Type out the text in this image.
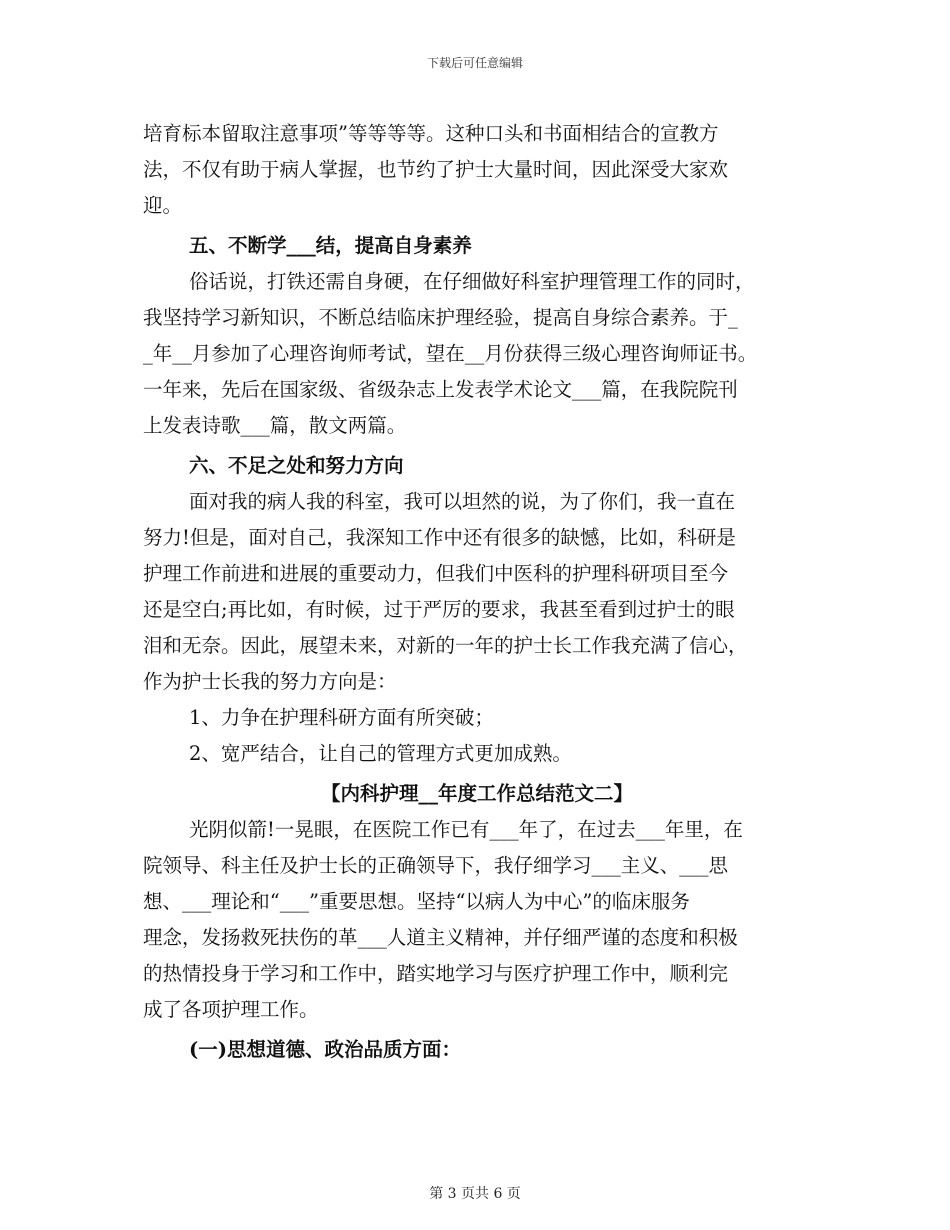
下载后可任意编辑
培育标本留取注意事项”等等等等。这种口头和书面相结合的宣教方
法，不仅有助于病人掌握，也节约了护士大量时间，因此深受大家欢
迎。
五、不断学___结，提高自身素养
俗话说，打铁还需自身硬，在仔细做好科室护理管理工作的同时，
我坚持学习新知识，不断总结临床护理经验，提高自身综合素养。于_
_年__月参加了心理咨询师考试，望在__月份获得三级心理咨询师证书。
一年来，先后在国家级、省级杂志上发表学术论文___篇，在我院院刊
上发表诗歌___篇，散文两篇。
六、不足之处和努力方向
面对我的病人我的科室，我可以坦然的说，为了你们，我一直在
努力!但是，面对自己，我深知工作中还有很多的缺憾，比如，科研是
护理工作前进和进展的重要动力，但我们中医科的护理科研项目至今
还是空白;再比如，有时候，过于严厉的要求，我甚至看到过护士的眼
泪和无奈。因此，展望未来，对新的一年的护士长工作我充满了信心，
作为护士长我的努力方向是：
1、力争在护理科研方面有所突破；
2、宽严结合，让自己的管理方式更加成熟。
【内科护理__年度工作总结范文二】
光阴似箭!一晃眼，在医院工作已有___年了，在过去___年里，在
院领导、科主任及护士长的正确领导下，我仔细学习___主义、___思
想、___理论和“___”重要思想。坚持“以病人为中心”的临床服务
理念，发扬救死扶伤的革___人道主义精神，并仔细严谨的态度和积极
的热情投身于学习和工作中，踏实地学习与医疗护理工作中，顺利完
成了各项护理工作。
(一)思想道德、政治品质方面：
第 3 页共 6 页
